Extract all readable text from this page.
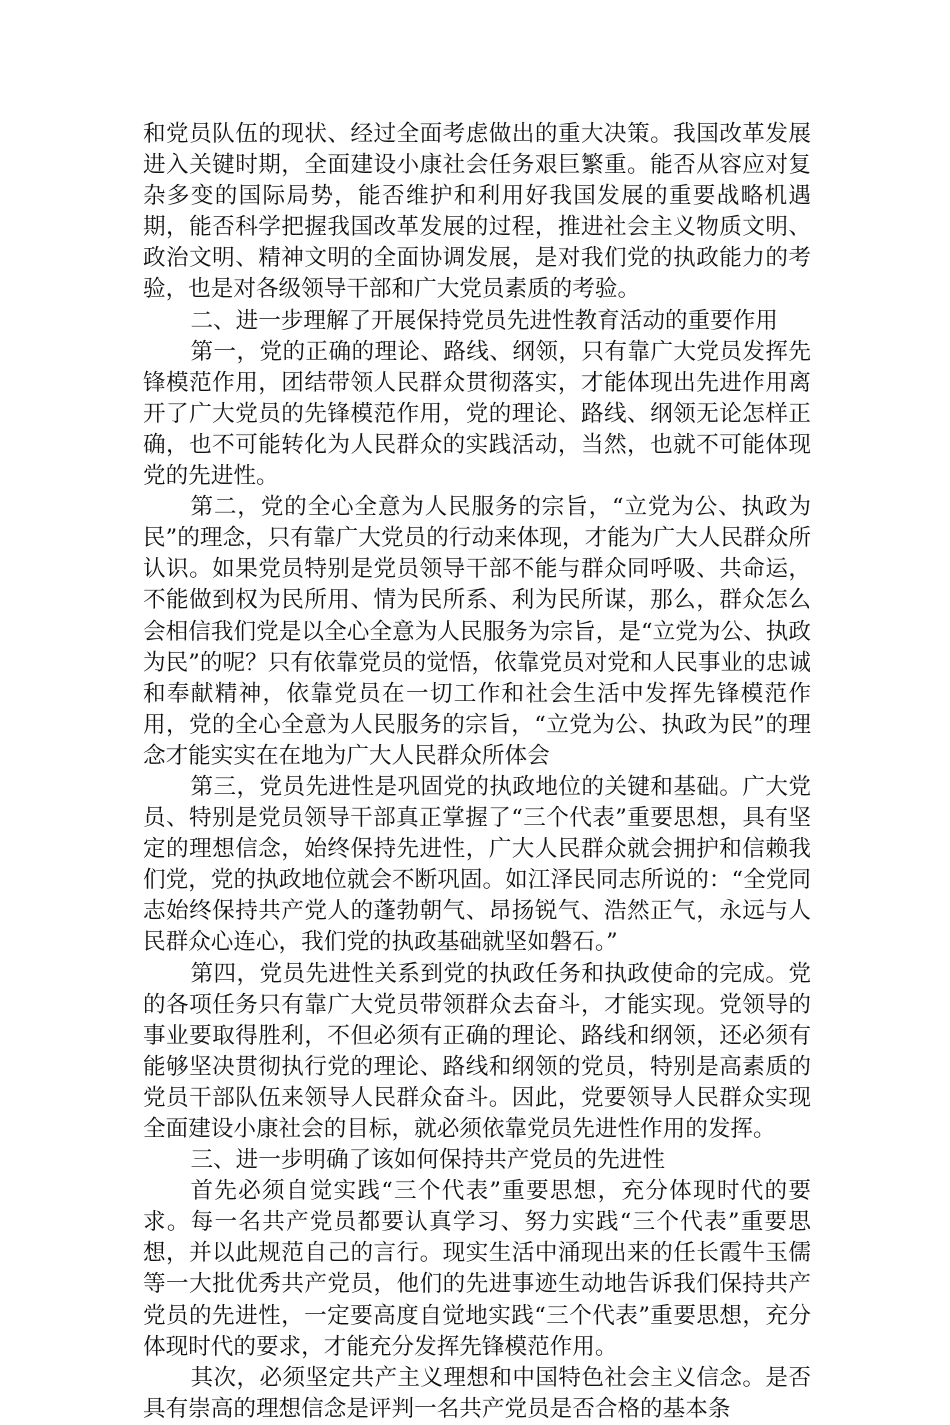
和党员队伍的现状、经过全面考虑做出的重大决策。我国改革发展进入关键时期，全面建设小康社会任务艰巨繁重。能否从容应对复杂多变的国际局势，能否维护和利用好我国发展的重要战略机遇期，能否科学把握我国改革发展的过程，推进社会主义物质文明、政治文明、精神文明的全面协调发展，是对我们党的执政能力的考验，也是对各级领导干部和广大党员素质的考验。

二、进一步理解了开展保持党员先进性教育活动的重要作用

第一，党的正确的理论、路线、纲领，只有靠广大党员发挥先锋模范作用，团结带领人民群众贯彻落实，才能体现出先进作用离开了广大党员的先锋模范作用，党的理论、路线、纲领无论怎样正确，也不可能转化为人民群众的实践活动，当然，也就不可能体现党的先进性。

第二，党的全心全意为人民服务的宗旨，“立党为公、执政为民”的理念，只有靠广大党员的行动来体现，才能为广大人民群众所认识。如果党员特别是党员领导干部不能与群众同呼吸、共命运，不能做到权为民所用、情为民所系、利为民所谋，那么，群众怎么会相信我们党是以全心全意为人民服务为宗旨，是“立党为公、执政为民”的呢？只有依靠党员的觉悟，依靠党员对党和人民事业的忠诚和奉献精神，依靠党员在一切工作和社会生活中发挥先锋模范作用，党的全心全意为人民服务的宗旨，“立党为公、执政为民”的理念才能实实在在地为广大人民群众所体会

第三，党员先进性是巩固党的执政地位的关键和基础。广大党员、特别是党员领导干部真正掌握了“三个代表”重要思想，具有坚定的理想信念，始终保持先进性，广大人民群众就会拥护和信赖我们党，党的执政地位就会不断巩固。如江泽民同志所说的：“全党同志始终保持共产党人的蓬勃朝气、昂扬锐气、浩然正气，永远与人民群众心连心，我们党的执政基础就坚如磐石。”

第四，党员先进性关系到党的执政任务和执政使命的完成。党的各项任务只有靠广大党员带领群众去奋斗，才能实现。党领导的事业要取得胜利，不但必须有正确的理论、路线和纲领，还必须有能够坚决贯彻执行党的理论、路线和纲领的党员，特别是高素质的党员干部队伍来领导人民群众奋斗。因此，党要领导人民群众实现全面建设小康社会的目标，就必须依靠党员先进性作用的发挥。

三、进一步明确了该如何保持共产党员的先进性

首先必须自觉实践“三个代表”重要思想，充分体现时代的要求。每一名共产党员都要认真学习、努力实践“三个代表”重要思想，并以此规范自己的言行。现实生活中涌现出来的任长霞牛玉儒等一大批优秀共产党员，他们的先进事迹生动地告诉我们保持共产党员的先进性，一定要高度自觉地实践“三个代表”重要思想，充分体现时代的要求，才能充分发挥先锋模范作用。

其次，必须坚定共产主义理想和中国特色社会主义信念。是否具有崇高的理想信念是评判一名共产党员是否合格的基本条
